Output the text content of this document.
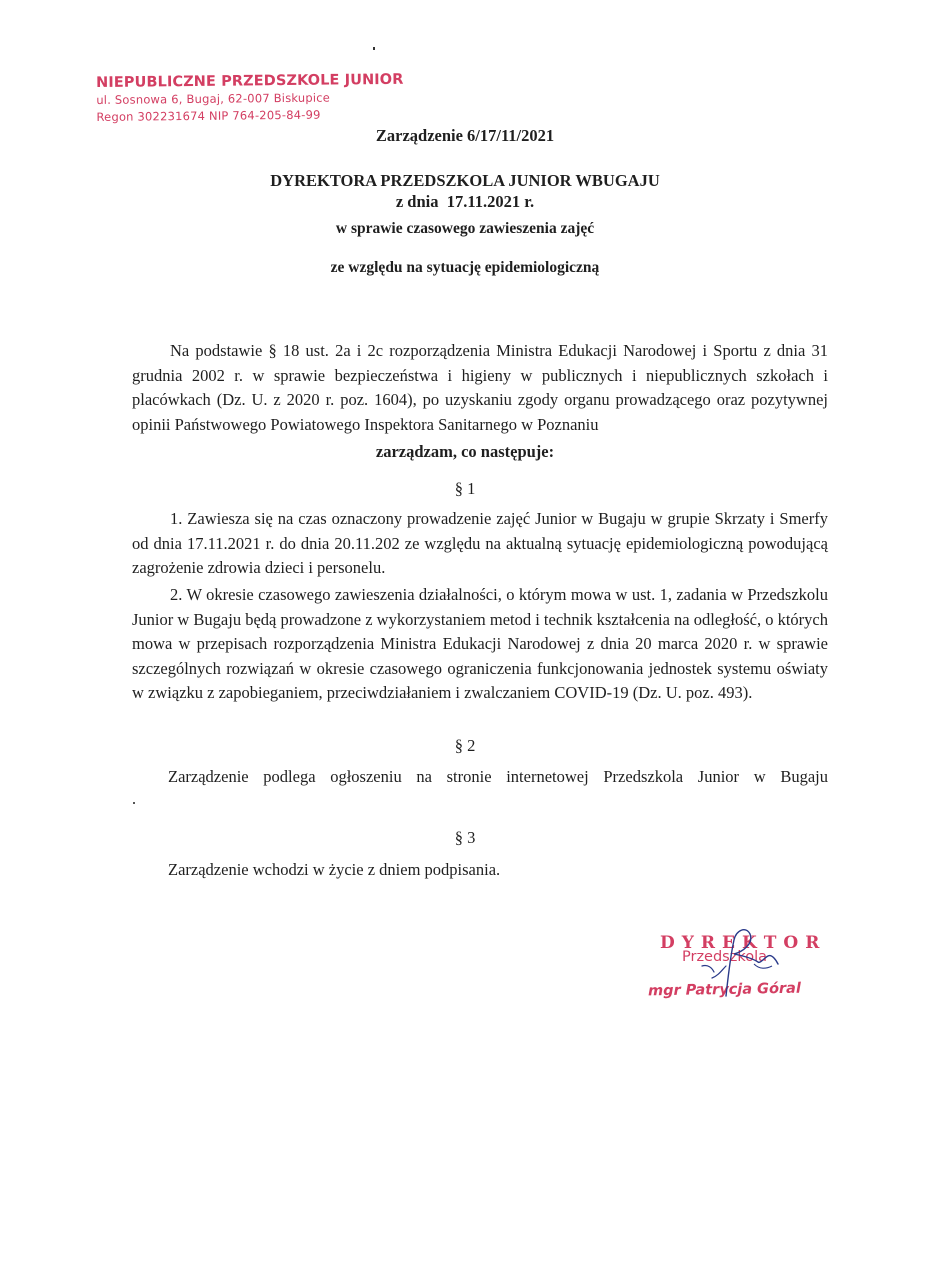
NIEPUBLICZNE PRZEDSZKOLE JUNIOR
ul. Sosnowa 6, Bugaj, 62-007 Biskupice
Regon 302231674 NIP 764-205-84-99
Zarządzenie 6/17/11/2021
DYREKTORA PRZEDSZKOLA JUNIOR WBUGAJU
z dnia  17.11.2021 r.
w sprawie czasowego zawieszenia zajęć
ze względu na sytuację epidemiologiczną
Na podstawie § 18 ust. 2a i 2c rozporządzenia Ministra Edukacji Narodowej i Sportu z dnia 31 grudnia 2002 r. w sprawie bezpieczeństwa i higieny w publicznych i niepublicznych szkołach i placówkach (Dz. U. z 2020 r. poz. 1604), po uzyskaniu zgody organu prowadzącego oraz pozytywnej opinii Państwowego Powiatowego Inspektora Sanitarnego w Poznaniu
zarządzam, co następuje:
§ 1
1. Zawiesza się na czas oznaczony prowadzenie zajęć Junior w Bugaju w grupie Skrzaty i Smerfy od dnia 17.11.2021 r. do dnia 20.11.202 ze względu na aktualną sytuację epidemiologiczną powodującą zagrożenie zdrowia dzieci i personelu.
2. W okresie czasowego zawieszenia działalności, o którym mowa w ust. 1, zadania w Przedszkolu Junior w Bugaju będą prowadzone z wykorzystaniem metod i technik kształcenia na odległość, o których mowa w przepisach rozporządzenia Ministra Edukacji Narodowej z dnia 20 marca 2020 r. w sprawie szczególnych rozwiązań w okresie czasowego ograniczenia funkcjonowania jednostek systemu oświaty w związku z zapobieganiem, przeciwdziałaniem i zwalczaniem COVID-19 (Dz. U. poz. 493).
§ 2
Zarządzenie podlega ogłoszeniu na stronie internetowej Przedszkola Junior w Bugaju
§ 3
Zarządzenie wchodzi w życie z dniem podpisania.
DYREKTOR
Przedszkola
mgr Patrycja Góral
